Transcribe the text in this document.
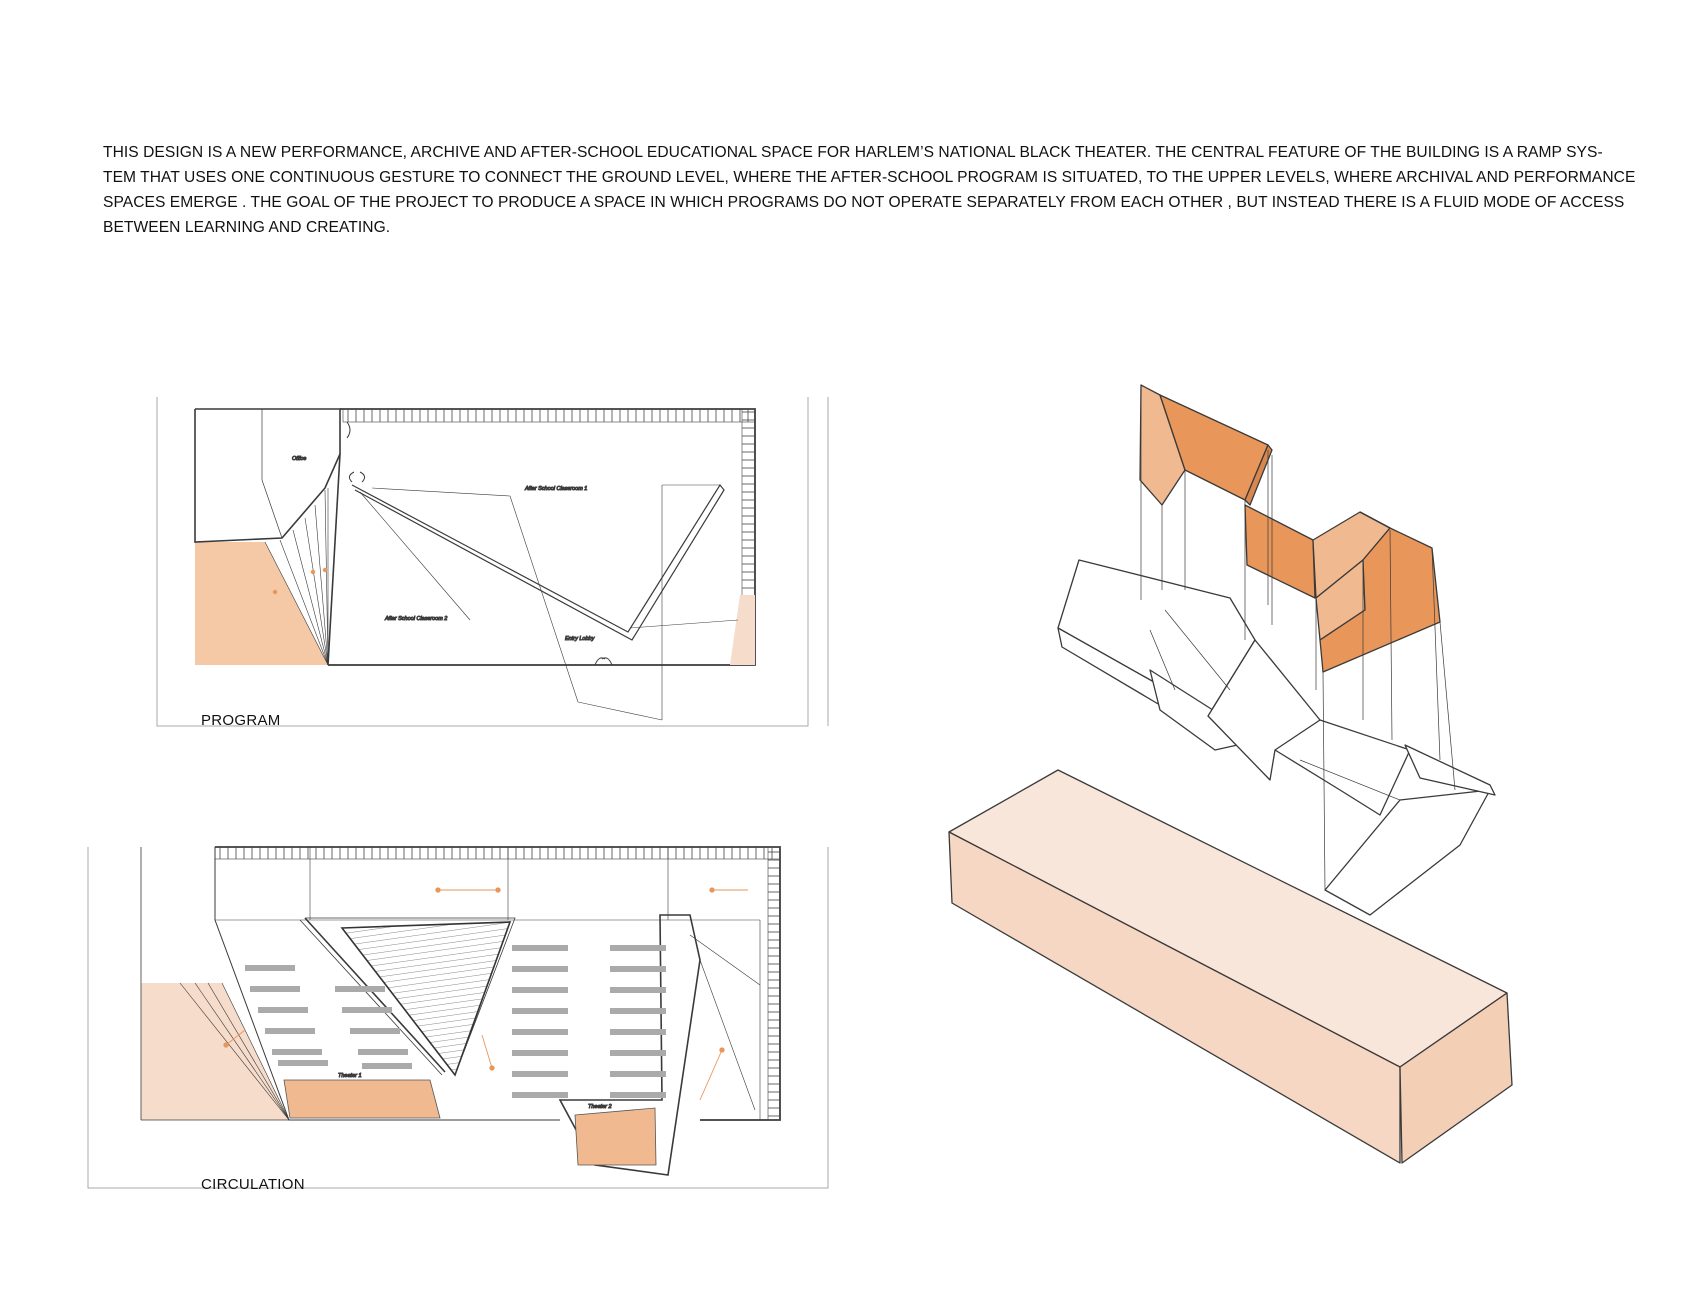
THIS DESIGN IS A NEW PERFORMANCE, ARCHIVE AND AFTER-SCHOOL EDUCATIONAL SPACE FOR HARLEM’S NATIONAL BLACK THEATER. THE CENTRAL FEATURE OF THE BUILDING IS A RAMP SYS-
TEM THAT USES ONE CONTINUOUS GESTURE TO CONNECT THE GROUND LEVEL, WHERE THE AFTER-SCHOOL PROGRAM IS SITUATED, TO THE UPPER LEVELS, WHERE ARCHIVAL AND PERFORMANCE
SPACES EMERGE . THE GOAL OF THE PROJECT TO PRODUCE A SPACE IN WHICH PROGRAMS DO NOT OPERATE SEPARATELY FROM EACH OTHER , BUT INSTEAD THERE IS A FLUID MODE OF ACCESS
BETWEEN LEARNING AND CREATING.
Office
After School Classroom 1
After School Classroom 2
Entry Lobby
Theater 1
Theater 2

PROGRAM

CIRCULATION
